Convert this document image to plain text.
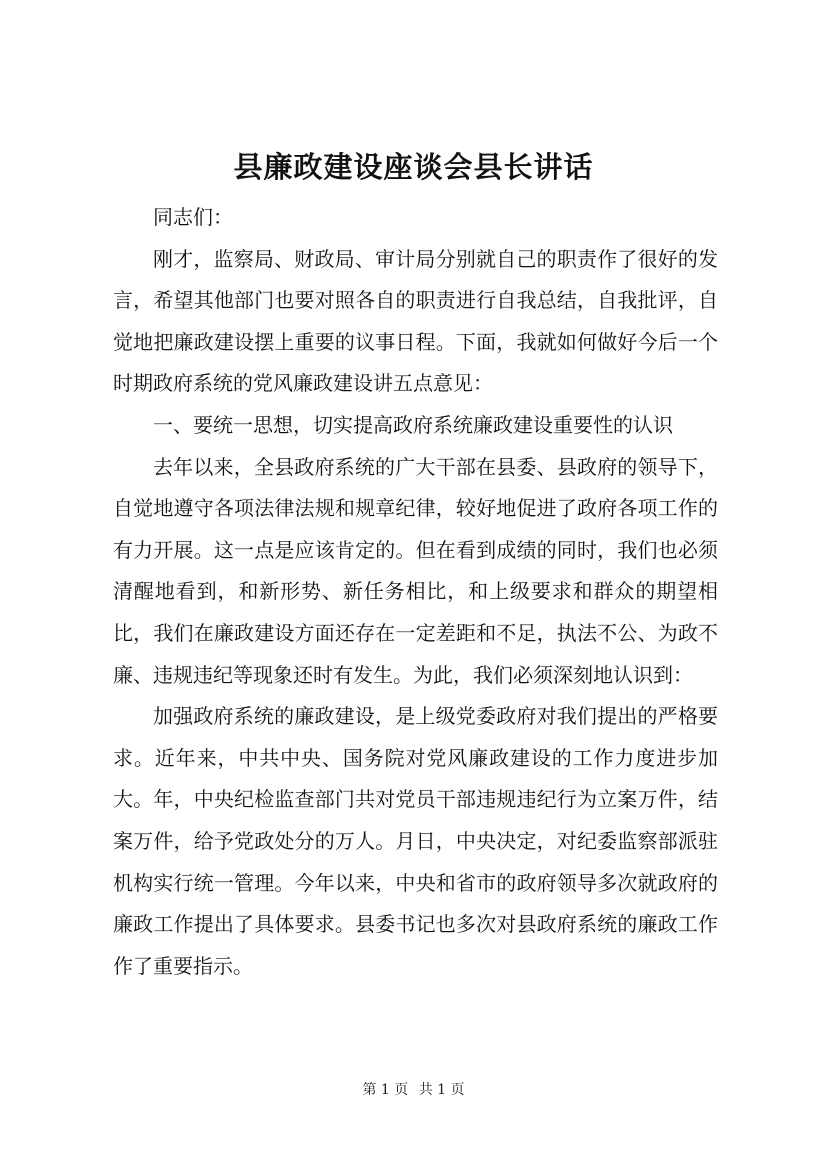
县廉政建设座谈会县长讲话

同志们：

刚才，监察局、财政局、审计局分别就自己的职责作了很好的发言，希望其他部门也要对照各自的职责进行自我总结，自我批评，自觉地把廉政建设摆上重要的议事日程。下面，我就如何做好今后一个时期政府系统的党风廉政建设讲五点意见：

一、要统一思想，切实提高政府系统廉政建设重要性的认识

去年以来，全县政府系统的广大干部在县委、县政府的领导下，自觉地遵守各项法律法规和规章纪律，较好地促进了政府各项工作的有力开展。这一点是应该肯定的。但在看到成绩的同时，我们也必须清醒地看到，和新形势、新任务相比，和上级要求和群众的期望相比，我们在廉政建设方面还存在一定差距和不足，执法不公、为政不廉、违规违纪等现象还时有发生。为此，我们必须深刻地认识到：

加强政府系统的廉政建设，是上级党委政府对我们提出的严格要求。近年来，中共中央、国务院对党风廉政建设的工作力度进步加大。年，中央纪检监查部门共对党员干部违规违纪行为立案万件，结案万件，给予党政处分的万人。月日，中央决定，对纪委监察部派驻机构实行统一管理。今年以来，中央和省市的政府领导多次就政府的廉政工作提出了具体要求。县委书记也多次对县政府系统的廉政工作作了重要指示。

第 1 页 共 1 页
